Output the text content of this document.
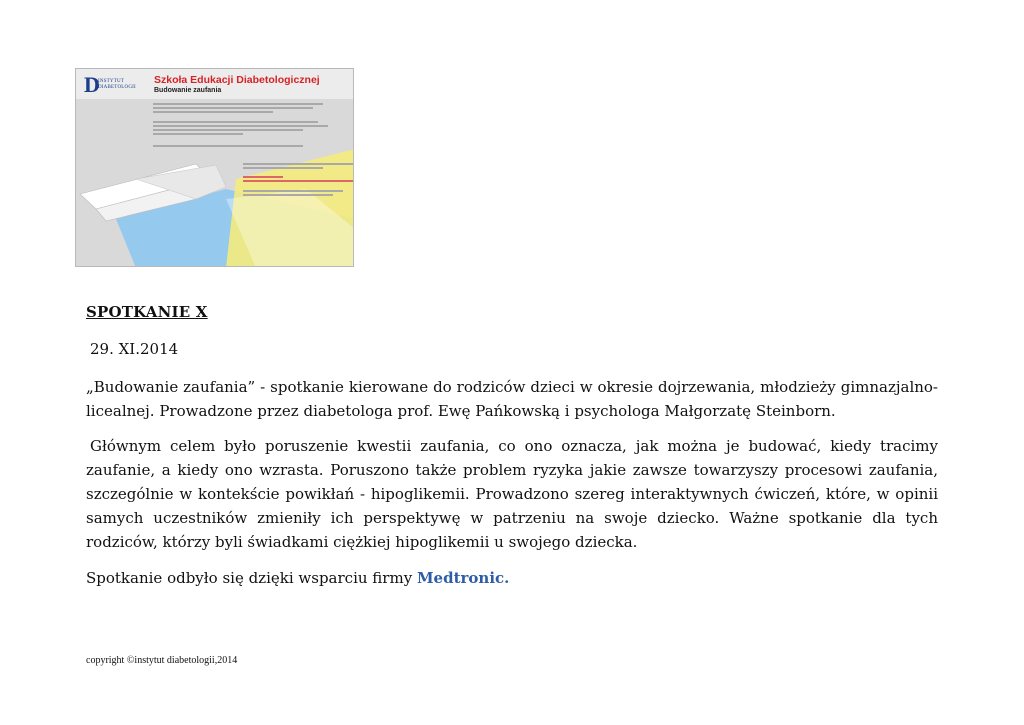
D
INSTYTUT DIABETOLOGII
Szkoła Edukacji Diabetologicznej
Budowanie zaufania

SPOTKANIE X

29. XI.2014

„Budowanie zaufania” - spotkanie kierowane do rodziców dzieci w okresie dojrzewania, młodzieży gimnazjalno-licealnej. Prowadzone przez diabetologa prof. Ewę Pańkowską i psychologa Małgorzatę Steinborn.

Głównym celem było poruszenie kwestii zaufania, co ono oznacza, jak można je budować, kiedy tracimy zaufanie, a kiedy ono wzrasta. Poruszono także problem ryzyka jakie zawsze towarzyszy procesowi zaufania, szczególnie w kontekście powikłań - hipoglikemii. Prowadzono szereg interaktywnych ćwiczeń, które, w opinii samych uczestników zmieniły ich perspektywę w patrzeniu na swoje dziecko. Ważne spotkanie dla tych rodziców, którzy byli świadkami ciężkiej hipoglikemii u swojego dziecka.

Spotkanie odbyło się dzięki wsparciu firmy Medtronic.

copyright ©instytut diabetologii,2014
